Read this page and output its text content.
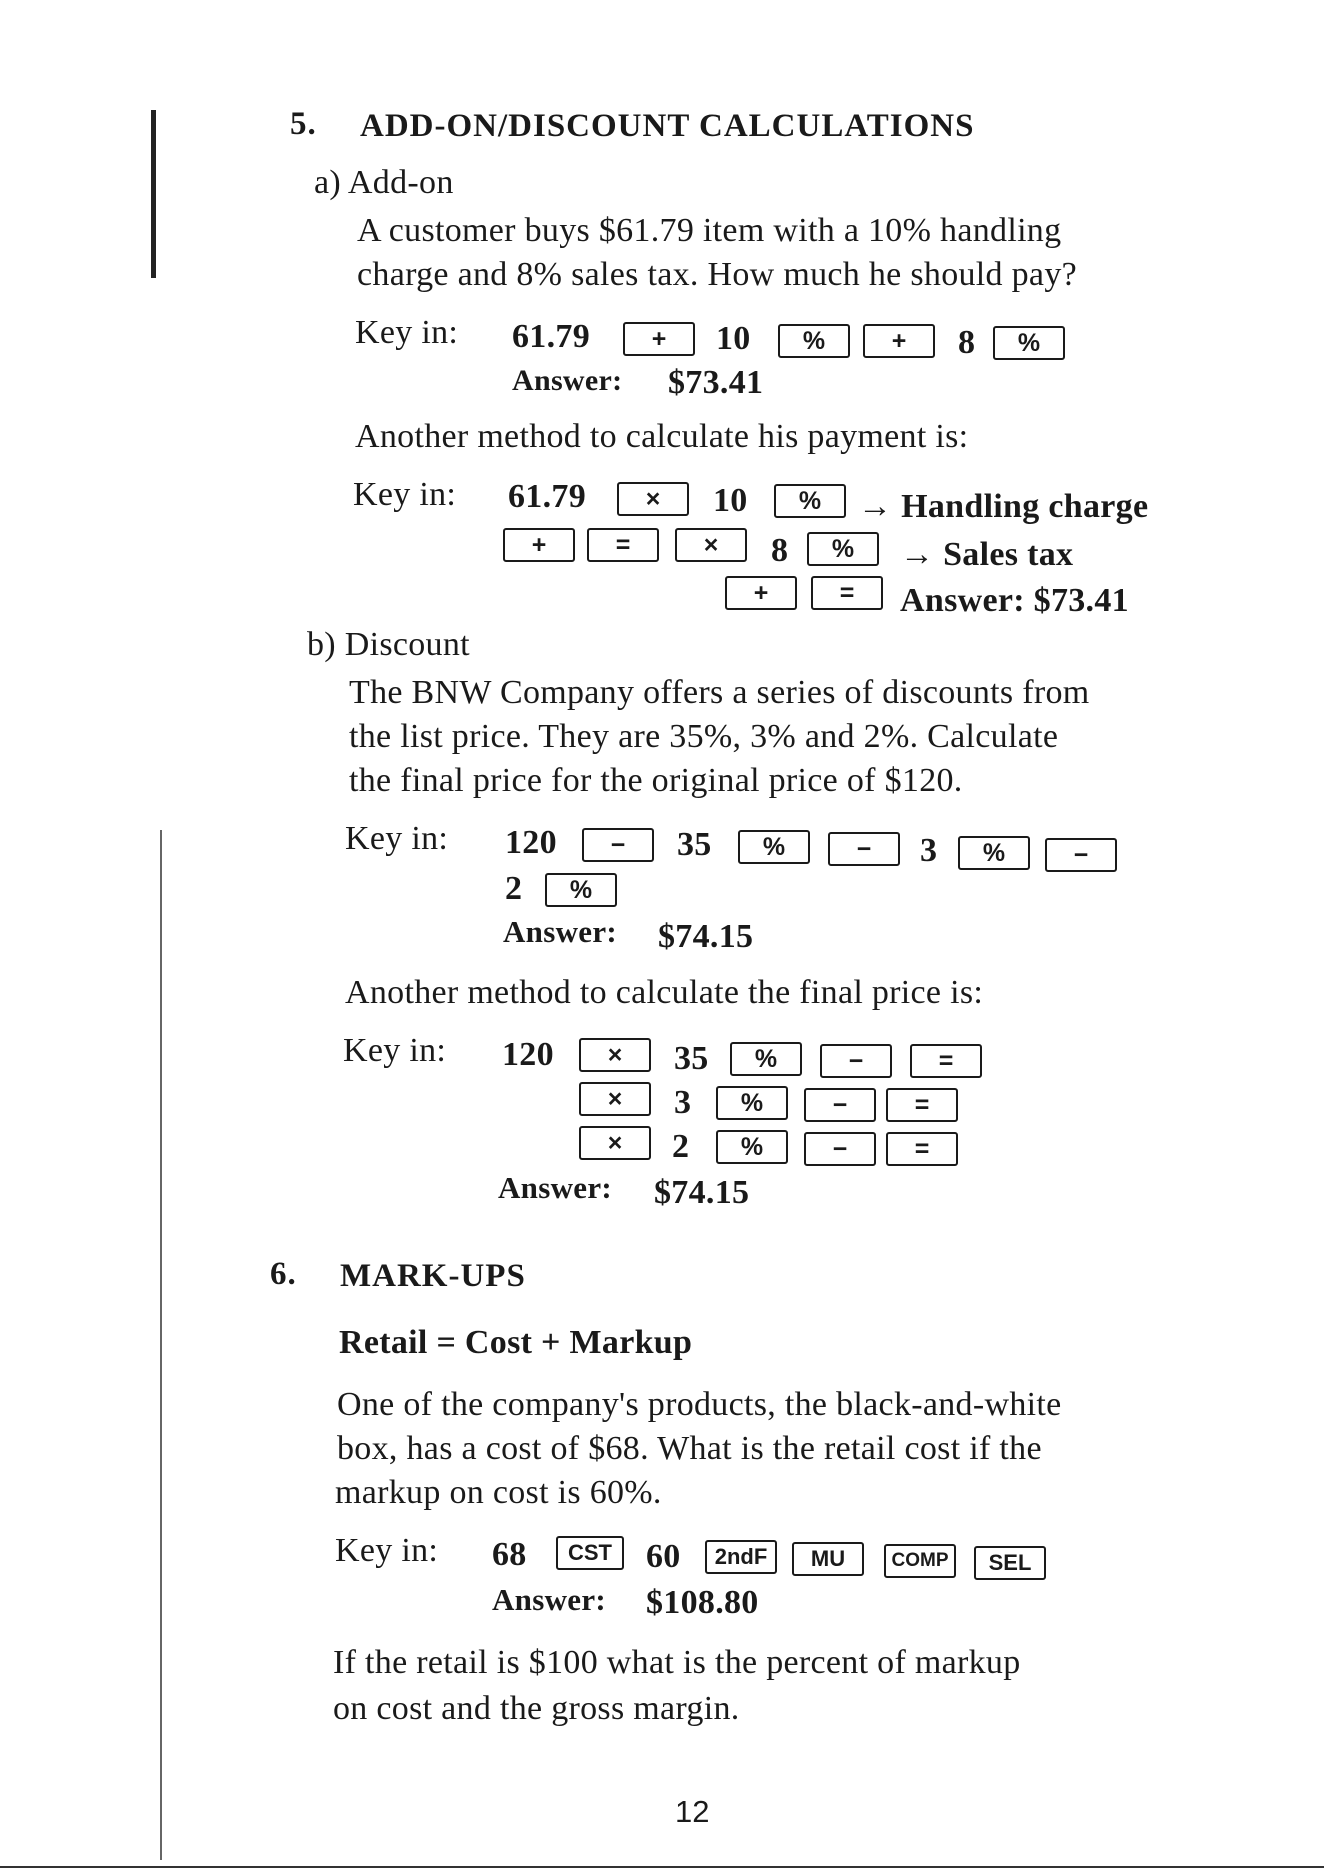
5. ADD-ON/DISCOUNT CALCULATIONS
a) Add-on
A customer buys $61.79 item with a 10% handling
charge and 8% sales tax. How much he should pay?
Key in: 61.79	+	10	%	+	8	%
Answer: $73.41
Another method to calculate his payment is:
Key in: 61.79	×	10	%	→ Handling charge
+	=	×	8	%	→ Sales tax
+	=	Answer: $73.41
b) Discount
The BNW Company offers a series of discounts from
the list price. They are 35%, 3% and 2%. Calculate
the final price for the original price of $120.
Key in: 120	−	35	%	−	3	%	−
2	%
Answer: $74.15
Another method to calculate the final price is:
Key in: 120	×	35	%	−	=
×	3	%	−	=
×	2	%	−	=
Answer: $74.15
6. MARK-UPS
Retail = Cost + Markup
One of the company's products, the black-and-white
box, has a cost of $68. What is the retail cost if the
markup on cost is 60%.
Key in: 68	CST	60	2ndF	MU	COMP	SEL
Answer: $108.80
If the retail is $100 what is the percent of markup
on cost and the gross margin.
12
